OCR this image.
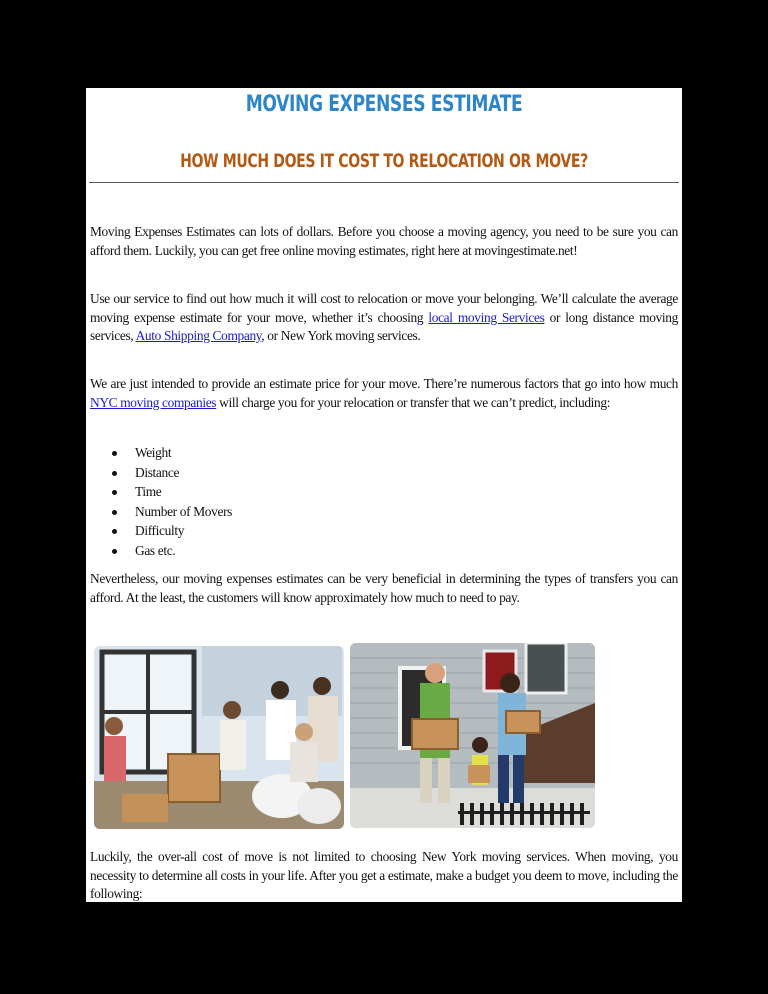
MOVING EXPENSES ESTIMATE
HOW MUCH DOES IT COST TO RELOCATION OR MOVE?
Moving Expenses Estimates can lots of dollars. Before you choose a moving agency, you need to be sure you can afford them. Luckily, you can get free online moving estimates, right here at movingestimate.net!
Use our service to find out how much it will cost to relocation or move your belonging. We’ll calculate the average moving expense estimate for your move, whether it’s choosing local moving Services or long distance moving services, Auto Shipping Company, or New York moving services.
We are just intended to provide an estimate price for your move. There’re numerous factors that go into how much NYC moving companies will charge you for your relocation or transfer that we can’t predict, including:
Weight
Distance
Time
Number of Movers
Difficulty
Gas etc.
Nevertheless, our moving expenses estimates can be very beneficial in determining the types of transfers you can afford. At the least, the customers will know approximately how much to need to pay.
Luckily, the over-all cost of move is not limited to choosing New York moving services. When moving, you necessity to determine all costs in your life. After you get a estimate, make a budget you deem to move, including the following:
